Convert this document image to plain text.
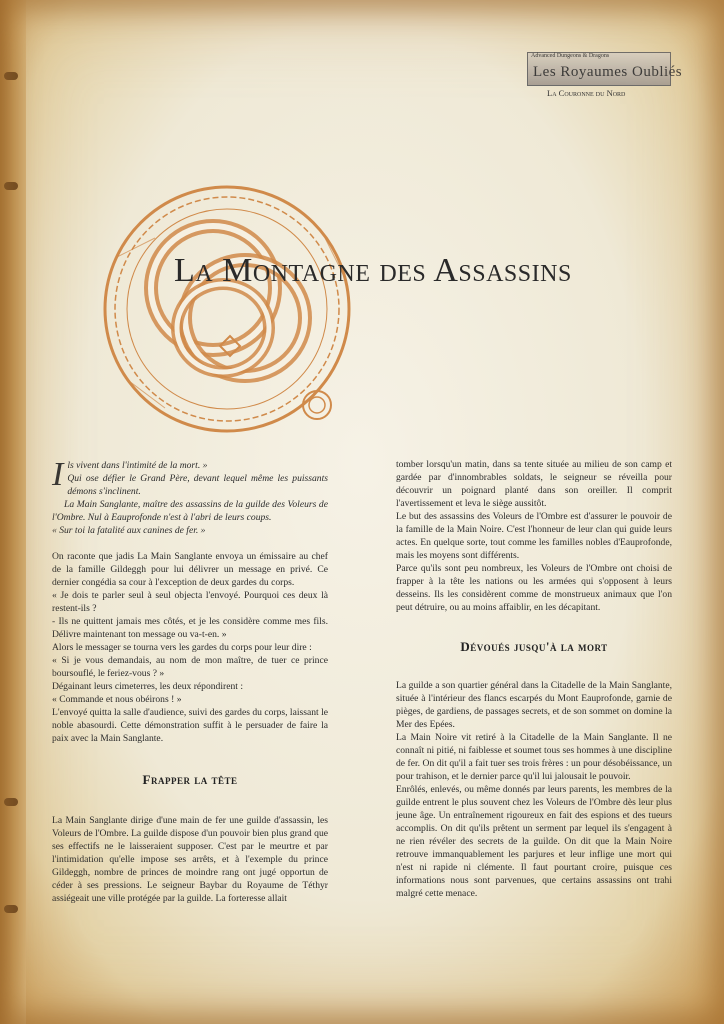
Advanced Dungeons & Dragons
Les Royaumes Oubliés
La Couronne du Nord
La Montagne des Assassins
I ls vivent dans l'intimité de la mort. »

Qui ose défier le Grand Père, devant lequel même les puissants démons s'inclinent.

La Main Sanglante, maître des assassins de la guilde des Voleurs de l'Ombre. Nul à Eauprofonde n'est à l'abri de leurs coups.

« Sur toi la fatalité aux canines de fer. »

On raconte que jadis La Main Sanglante envoya un émissaire au chef de la famille Gildeggh pour lui délivrer un message en privé. Ce dernier congédia sa cour à l'exception de deux gardes du corps.

« Je dois te parler seul à seul objecta l'envoyé. Pourquoi ces deux là restent-ils ?

- Ils ne quittent jamais mes côtés, et je les considère comme mes fils. Délivre maintenant ton message ou va-t-en. »

Alors le messager se tourna vers les gardes du corps pour leur dire :

« Si je vous demandais, au nom de mon maître, de tuer ce prince boursouflé, le feriez-vous ? »

Dégainant leurs cimeterres, les deux répondirent :

« Commande et nous obéirons ! »

L'envoyé quitta la salle d'audience, suivi des gardes du corps, laissant le noble abasourdi. Cette démonstration suffit à le persuader de faire la paix avec la Main Sanglante.

Frapper la tête

La Main Sanglante dirige d'une main de fer une guilde d'assassin, les Voleurs de l'Ombre. La guilde dispose d'un pouvoir bien plus grand que ses effectifs ne le laisseraient supposer. C'est par le meurtre et par l'intimidation qu'elle impose ses arrêts, et à l'exemple du prince Gildeggh, nombre de princes de moindre rang ont jugé opportun de céder à ses pressions. Le seigneur Baybar du Royaume de Téthyr assiégeait une ville protégée par la guilde. La forteresse allait

tomber lorsqu'un matin, dans sa tente située au milieu de son camp et gardée par d'innombrables soldats, le seigneur se réveilla pour découvrir un poignard planté dans son oreiller. Il comprit l'avertissement et leva le siège aussitôt.

Le but des assassins des Voleurs de l'Ombre est d'assurer le pouvoir de la famille de la Main Noire. C'est l'honneur de leur clan qui guide leurs actes. En quelque sorte, tout comme les familles nobles d'Eauprofonde, mais les moyens sont différents.

Parce qu'ils sont peu nombreux, les Voleurs de l'Ombre ont choisi de frapper à la tête les nations ou les armées qui s'opposent à leurs desseins. Ils les considèrent comme de monstrueux animaux que l'on peut détruire, ou au moins affaiblir, en les décapitant.

Dévoués jusqu'à la mort

La guilde a son quartier général dans la Citadelle de la Main Sanglante, située à l'intérieur des flancs escarpés du Mont Eauprofonde, garnie de pièges, de gardiens, de passages secrets, et de son sommet on domine la Mer des Epées.

La Main Noire vit retiré à la Citadelle de la Main Sanglante. Il ne connaît ni pitié, ni faiblesse et soumet tous ses hommes à une discipline de fer. On dit qu'il a fait tuer ses trois frères : un pour désobéissance, un pour trahison, et le dernier parce qu'il lui jalousait le pouvoir.

Enrôlés, enlevés, ou même donnés par leurs parents, les membres de la guilde entrent le plus souvent chez les Voleurs de l'Ombre dès leur plus jeune âge. Un entraînement rigoureux en fait des espions et des tueurs accomplis. On dit qu'ils prêtent un serment par lequel ils s'engagent à ne rien révéler des secrets de la guilde. On dit que la Main Noire retrouve immanquablement les parjures et leur inflige une mort qui n'est ni rapide ni clémente. Il faut pourtant croire, puisque ces informations nous sont parvenues, que certains assassins ont trahi malgré cette menace.
